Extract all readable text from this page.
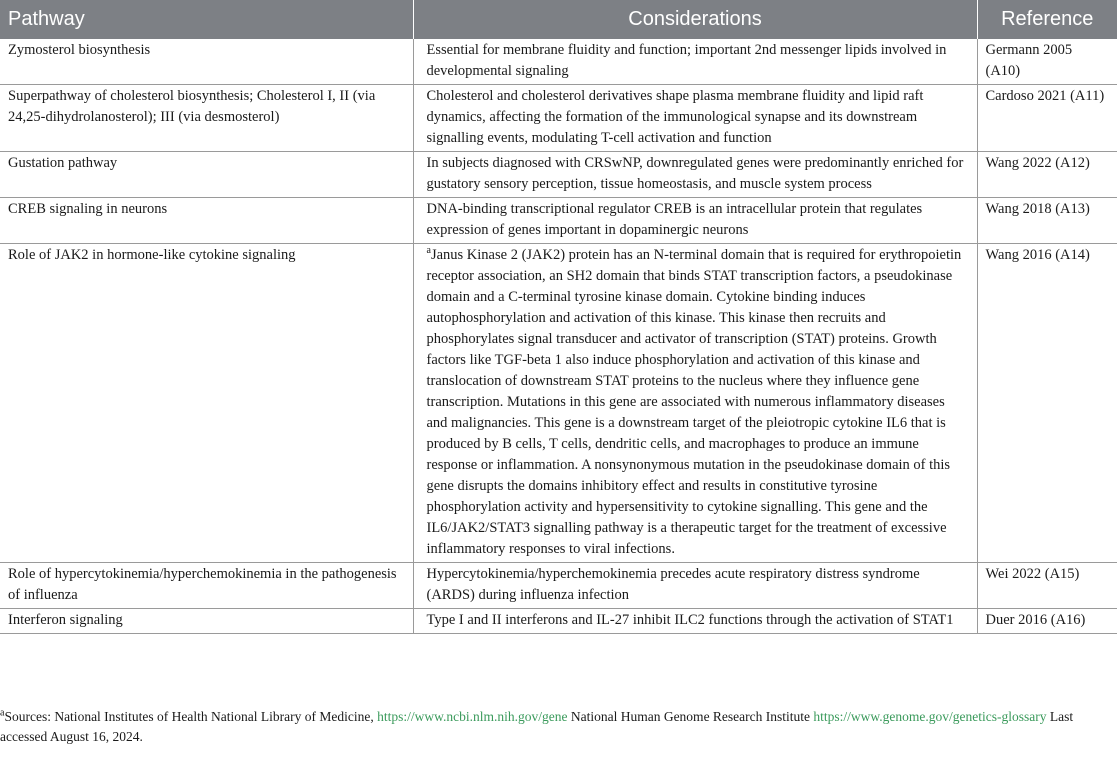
Pathway	Considerations	Reference
Zymosterol biosynthesis	Essential for membrane fluidity and function; important 2nd messenger lipids involved in developmental signaling	Germann 2005 (A10)
Superpathway of cholesterol biosynthesis; Cholesterol I, II (via 24,25-dihydrolanosterol); III (via desmosterol)	Cholesterol and cholesterol derivatives shape plasma membrane fluidity and lipid raft dynamics, affecting the formation of the immunological synapse and its downstream signalling events, modulating T-cell activation and function	Cardoso 2021 (A11)
Gustation pathway	In subjects diagnosed with CRSwNP, downregulated genes were predominantly enriched for gustatory sensory perception, tissue homeostasis, and muscle system process	Wang 2022 (A12)
CREB signaling in neurons	DNA-binding transcriptional regulator CREB is an intracellular protein that regulates expression of genes important in dopaminergic neurons	Wang 2018 (A13)
Role of JAK2 in hormone-like cytokine signaling	$^a$Janus Kinase 2 (JAK2) protein has an N-terminal domain that is required for erythropoietin receptor association, an SH2 domain that binds STAT transcription factors, a pseudokinase domain and a C-terminal tyrosine kinase domain. Cytokine binding induces autophosphorylation and activation of this kinase. This kinase then recruits and phosphorylates signal transducer and activator of transcription (STAT) proteins. Growth factors like TGF-beta 1 also induce phosphorylation and activation of this kinase and translocation of downstream STAT proteins to the nucleus where they influence gene transcription. Mutations in this gene are associated with numerous inflammatory diseases and malignancies. This gene is a downstream target of the pleiotropic cytokine IL6 that is produced by B cells, T cells, dendritic cells, and macrophages to produce an immune response or inflammation. A nonsynonymous mutation in the pseudokinase domain of this gene disrupts the domains inhibitory effect and results in constitutive tyrosine phosphorylation activity and hypersensitivity to cytokine signalling. This gene and the IL6/JAK2/STAT3 signalling pathway is a therapeutic target for the treatment of excessive inflammatory responses to viral infections.	Wang 2016 (A14)
Role of hypercytokinemia/hyperchemokinemia in the pathogenesis of influenza	Hypercytokinemia/hyperchemokinemia precedes acute respiratory distress syndrome (ARDS) during influenza infection	Wei 2022 (A15)
Interferon signaling	Type I and II interferons and IL-27 inhibit ILC2 functions through the activation of STAT1	Duer 2016 (A16)
$^a$Sources: National Institutes of Health National Library of Medicine, https://www.ncbi.nlm.nih.gov/gene National Human Genome Research Institute https://www.genome.gov/genetics-glossary Last accessed August 16, 2024.
